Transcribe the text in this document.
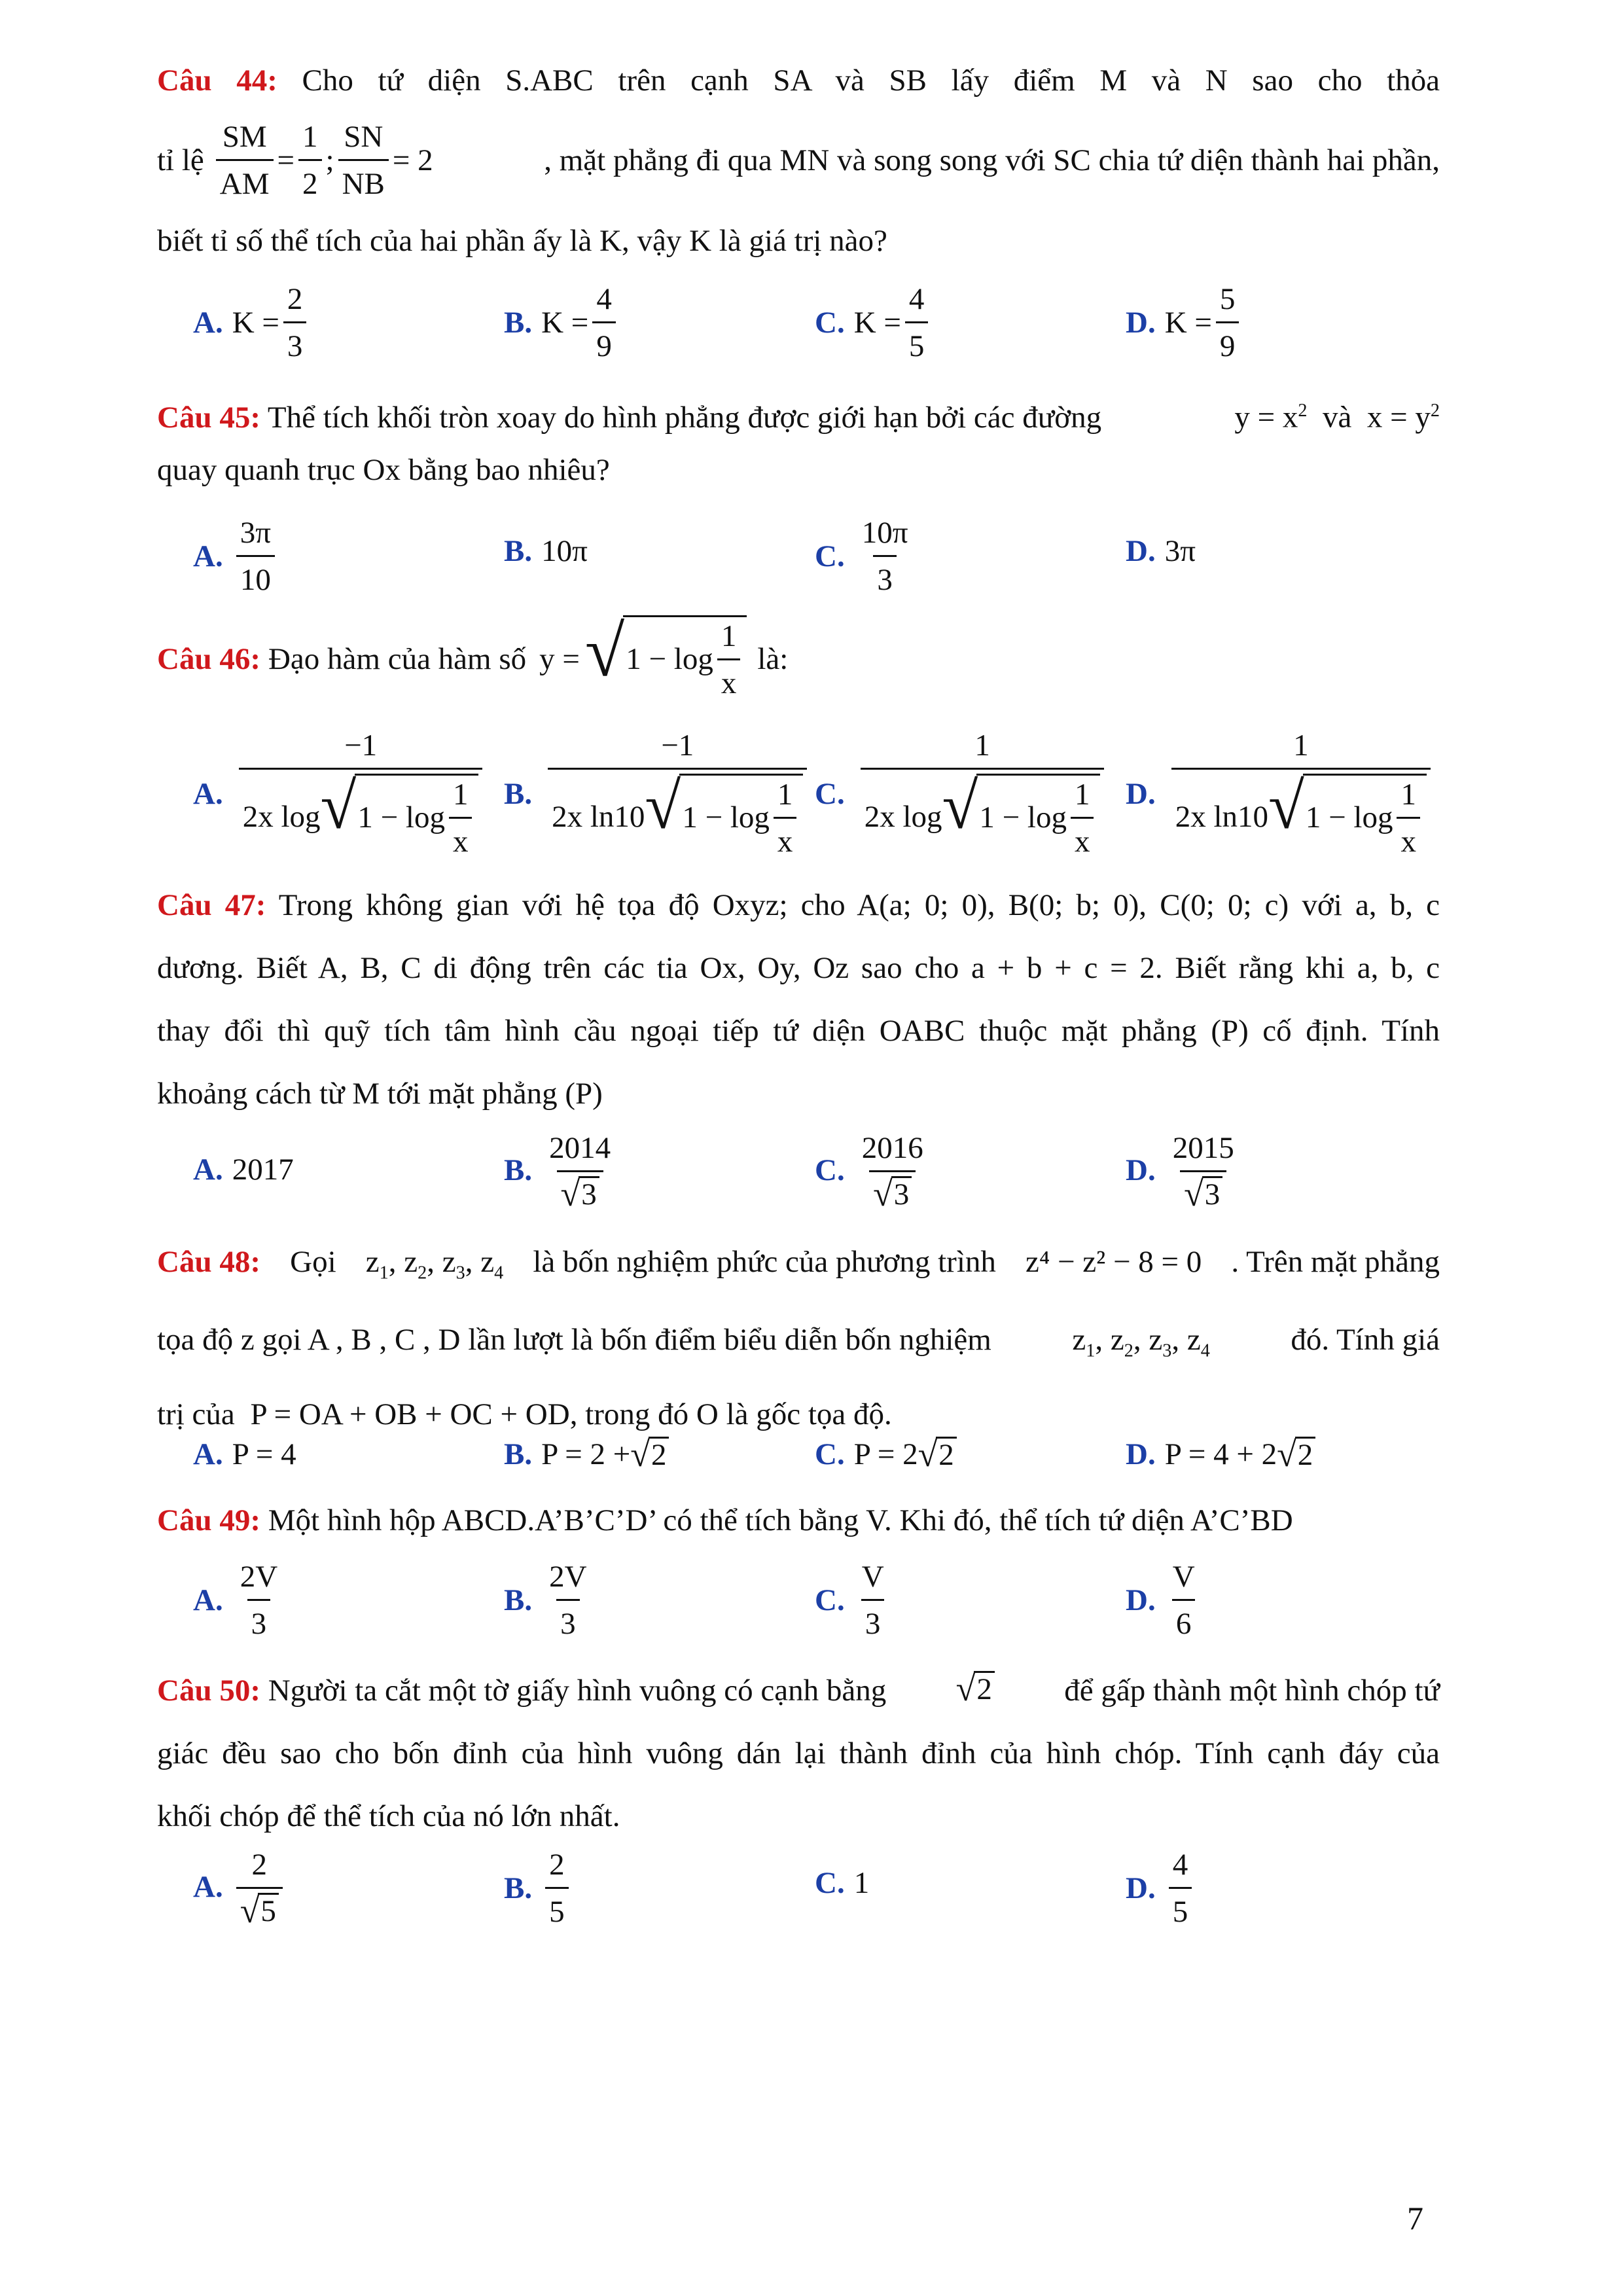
Câu 44: Cho tứ diện S.ABC trên cạnh SA và SB lấy điểm M và N sao cho thỏa
tỉ lệ $\frac{SM}{AM} = \frac{1}{2}$ ; $\frac{SN}{NB} = 2$	, mặt phẳng đi qua MN và song song với SC chia tứ diện thành hai phần,
biết tỉ số thể tích của hai phần ấy là K, vậy K là giá trị nào?
A. $K = \frac{2}{3}$	B. $K = \frac{4}{9}$	C. $K = \frac{4}{5}$	D. $K = \frac{5}{9}$
Câu 45: Thể tích khối tròn xoay do hình phẳng được giới hạn bởi các đường	$y = x^2$ và $x = y^2$
quay quanh trục Ox bằng bao nhiêu?
A. $\frac{3\pi}{10}$	B. 10π	C. $\frac{10\pi}{3}$	D. 3π
Câu 46: Đạo hàm của hàm số y = √ $1 - \log \frac{1}{x}$ là:
A. $\frac{-1}{2x \log √ 1 - \log \frac{1}{x}} B$. $\frac{-1}{2x \ln 10 √ 1 - \log \frac{1}{x}} C$. $\frac{1}{2x \log √ 1 - \log \frac{1}{x}} D$. $\frac{1}{2x \ln 10 √ 1 - \log \frac{1}{x}}$
Câu 47: Trong không gian với hệ tọa độ Oxyz; cho A(a; 0; 0), B(0; b; 0), C(0; 0; c) với a, b, c
dương. Biết A, B, C di động trên các tia Ox, Oy, Oz sao cho a + b + c = 2. Biết rằng khi a, b, c
thay đổi thì quỹ tích tâm hình cầu ngoại tiếp tứ diện OABC thuộc mặt phẳng (P) cố định. Tính
khoảng cách từ M tới mặt phẳng (P)
A. 2017	B. $\frac{2014}{√ 3}$	C. $\frac{2016}{√ 3}$	D. $\frac{2015}{√ 3}$
Câu 48: Gọi $z_1$, $z_2$, $z_3$, $z_4$ là bốn nghiệm phức của phương trình z⁴ − z² − 8 = 0 . Trên mặt phẳng
tọa độ z gọi A , B , C , D lần lượt là bốn điểm biểu diễn bốn nghiệm	$z_1$, $z_2$, $z_3$, $z_4$	đó. Tính giá
trị của P = OA + OB + OC + OD, trong đó O là gốc tọa độ.
A. P = 4	B. P = 2 + √ 2	C. P = 2 √ 2	D. P = 4 + 2 √ 2
Câu 49: Một hình hộp ABCD.A’B’C’D’ có thể tích bằng V. Khi đó, thể tích tứ diện A’C’BD
A. $\frac{2V}{3}$	B. $\frac{2V}{3}$	C. $\frac{V}{3}$	D. $\frac{V}{6}$
Câu 50: Người ta cắt một tờ giấy hình vuông có cạnh bằng √ 2 để gấp thành một hình chóp tứ
giác đều sao cho bốn đỉnh của hình vuông dán lại thành đỉnh của hình chóp. Tính cạnh đáy của
khối chóp để thể tích của nó lớn nhất.
A. $\frac{2}{√ 5}$	B. $\frac{2}{5}$	C. 1	D. $\frac{4}{5}$
7
